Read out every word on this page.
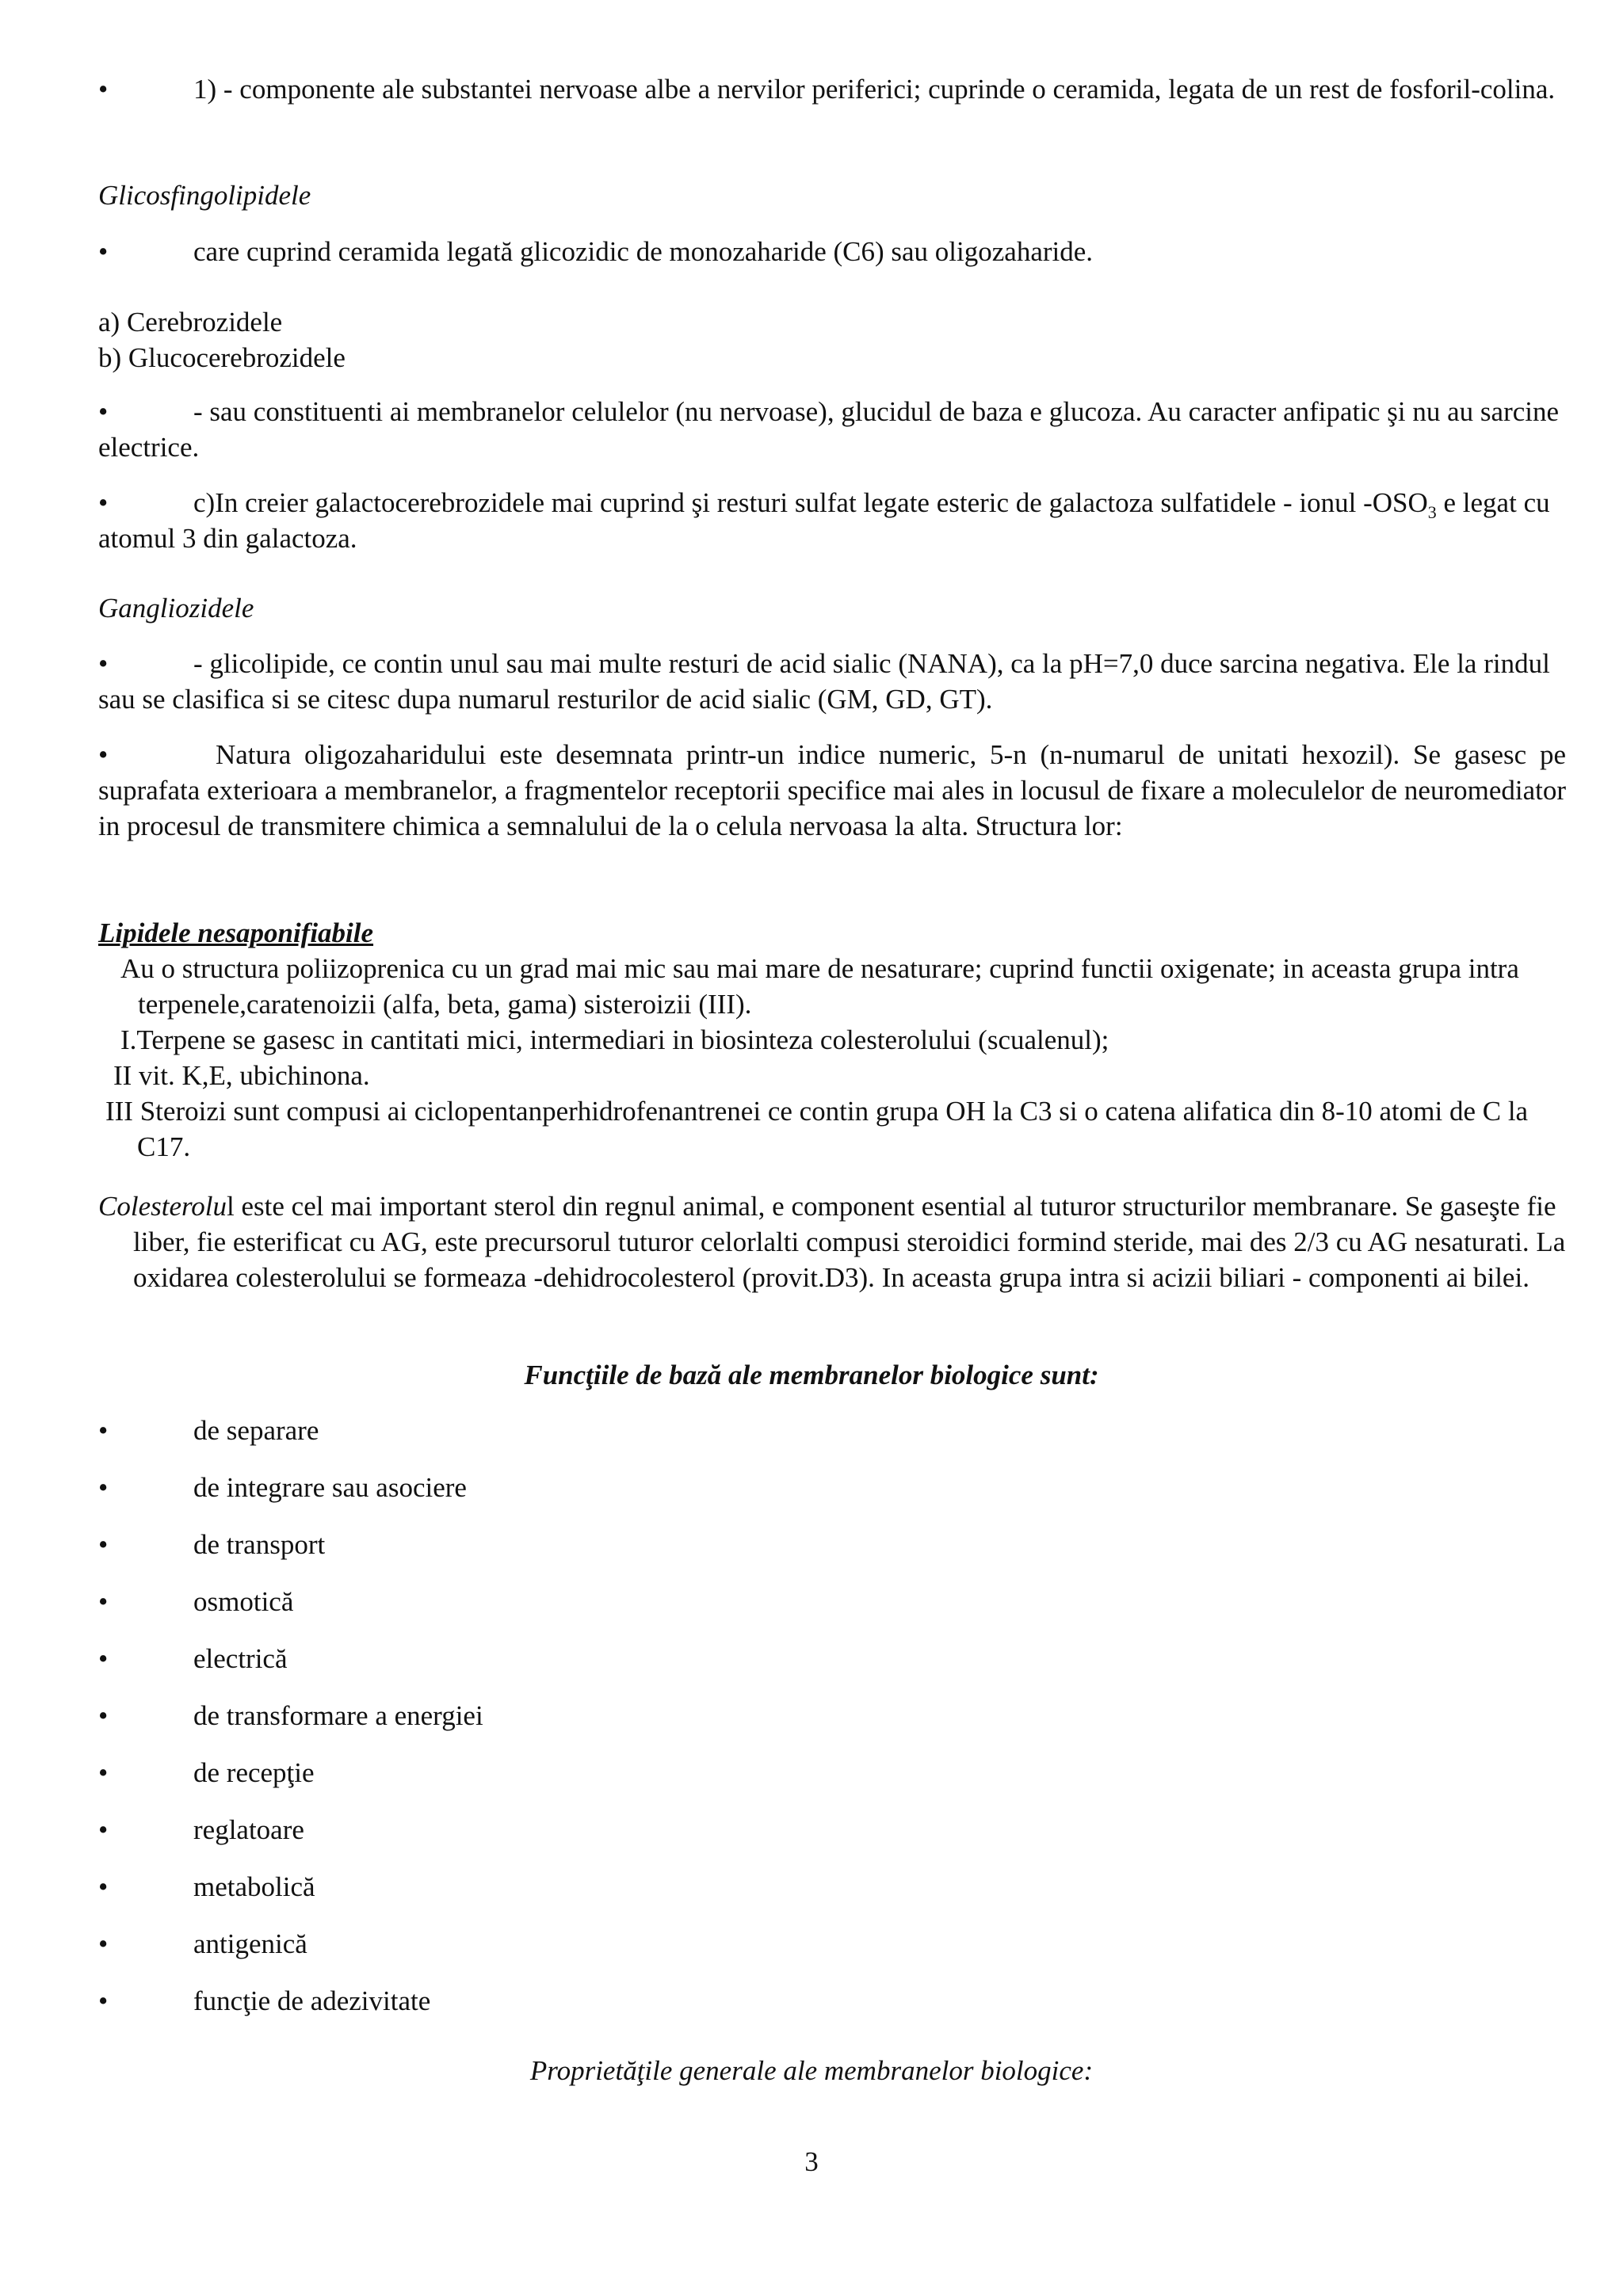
•	1) - componente ale substantei nervoase albe a nervilor periferici; cuprinde o ceramida, legata de un rest de fosforil-colina.

Glicosfingolipidele

•	care cuprind ceramida legată glicozidic de monozaharide (C6) sau oligozaharide.

a) Cerebrozidele

b) Glucocerebrozidele

•	- sau constituenti ai membranelor celulelor (nu nervoase), glucidul de baza e glucoza. Au caracter anfipatic şi nu au sarcine electrice.

•	c)In creier galactocerebrozidele mai cuprind şi resturi sulfat legate esteric de galactoza sulfatidele - ionul $-OSO_3$ e legat cu atomul 3 din galactoza.

Gangliozidele

•	- glicolipide, ce contin unul sau mai multe resturi de acid sialic (NANA), ca la pH=7,0 duce sarcina negativa. Ele la rindul sau se clasifica si se citesc dupa numarul resturilor de acid sialic (GM, GD, GT).

•	Natura oligozaharidului este desemnata printr-un indice numeric, 5-n (n-numarul de unitati hexozil). Se gasesc pe suprafata exterioara a membranelor, a fragmentelor receptorii specifice mai ales in locusul de fixare a moleculelor de neuromediator in procesul de transmitere chimica a semnalului de la o celula nervoasa la alta. Structura lor:

Lipidele nesaponifiabile

Au o structura poliizoprenica cu un grad mai mic sau mai mare de nesaturare; cuprind functii oxigenate; in aceasta grupa intra terpenele,caratenoizii (alfa, beta, gama) sisteroizii (III).

I.Terpene se gasesc in cantitati mici, intermediari in biosinteza colesterolului (scualenul);

II vit. K,E, ubichinona.

III Steroizi sunt compusi ai ciclopentanperhidrofenantrenei ce contin grupa OH la C3 si o catena alifatica din 8-10 atomi de C la C17.

Colesterolul este cel mai important sterol din regnul animal, e component esential al tuturor structurilor membranare. Se gaseşte fie liber, fie esterificat cu AG, este precursorul tuturor celorlalti compusi steroidici formind steride, mai des 2/3 cu AG nesaturati. La oxidarea colesterolului se formeaza -dehidrocolesterol (provit.D3). In aceasta grupa intra si acizii biliari - componenti ai bilei.

Funcţiile de bază ale membranelor biologice sunt:

•	de separare

•	de integrare sau asociere

•	de transport

•	osmotică

•	electrică

•	de transformare a energiei

•	de recepţie

•	reglatoare

•	metabolică

•	antigenică

•	funcţie de adezivitate

Proprietăţile generale ale membranelor biologice:

3
